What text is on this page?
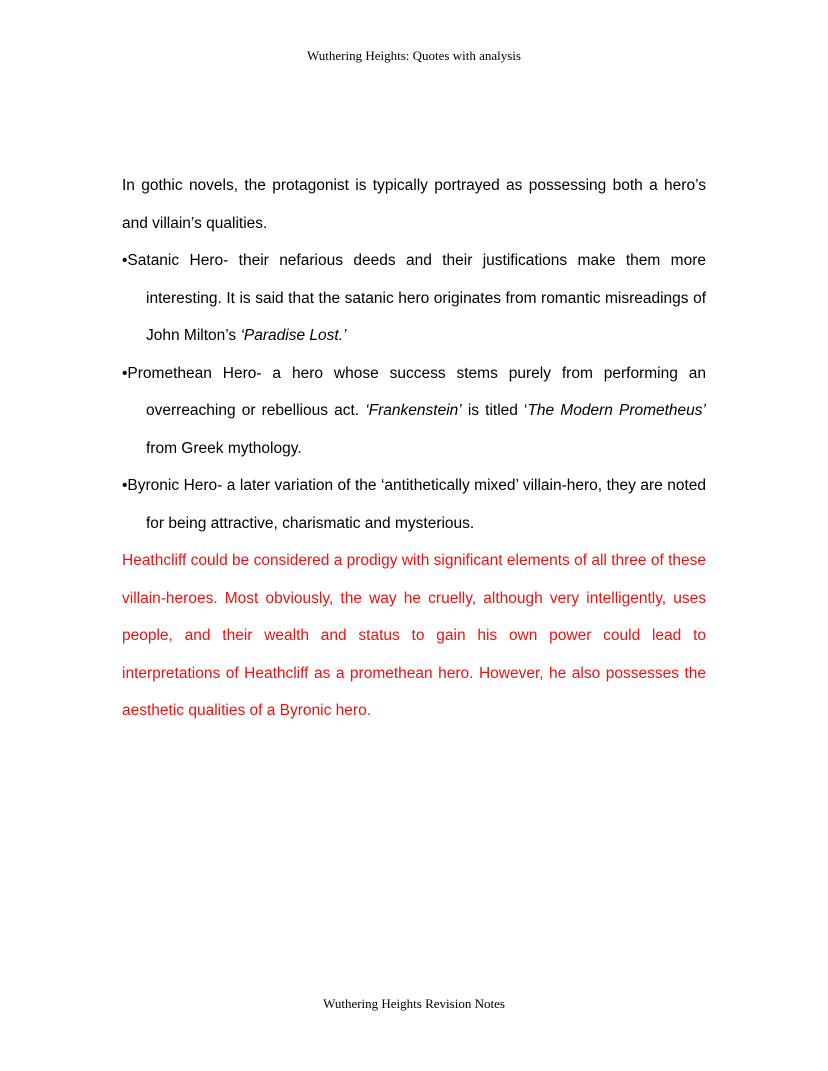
Wuthering Heights: Quotes with analysis

In gothic novels, the protagonist is typically portrayed as possessing both a hero’s and villain’s qualities.

•Satanic Hero- their nefarious deeds and their justifications make them more interesting. It is said that the satanic hero originates from romantic misreadings of John Milton’s ‘Paradise Lost.’

•Promethean Hero- a hero whose success stems purely from performing an overreaching or rebellious act. ‘Frankenstein’ is titled ‘The Modern Prometheus’ from Greek mythology.

•Byronic Hero- a later variation of the ‘antithetically mixed’ villain-hero, they are noted for being attractive, charismatic and mysterious.

Heathcliff could be considered a prodigy with significant elements of all three of these villain-heroes. Most obviously, the way he cruelly, although very intelligently, uses people, and their wealth and status to gain his own power could lead to interpretations of Heathcliff as a promethean hero. However, he also possesses the aesthetic qualities of a Byronic hero.

Wuthering Heights Revision Notes
